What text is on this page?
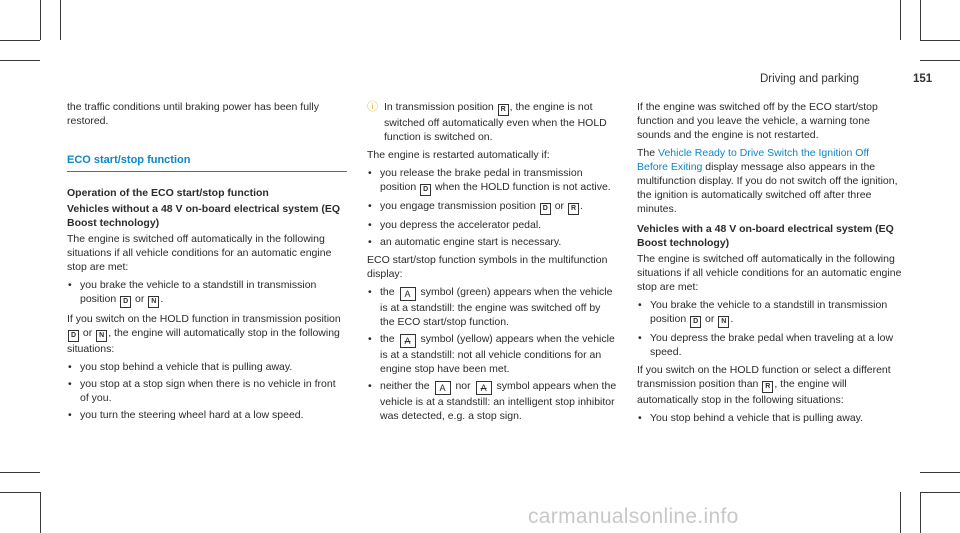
Driving and parking	151

the traffic conditions until braking power has been fully restored.

ECO start/stop function

Operation of the ECO start/stop function

Vehicles without a 48 V on-board electrical system (EQ Boost technology)

The engine is switched off automatically in the following situations if all vehicle conditions for an automatic engine stop are met:

• you brake the vehicle to a standstill in transmission position D or N .

If you switch on the HOLD function in transmission position D or N , the engine will automatically stop in the following situations:

• you stop behind a vehicle that is pulling away.
• you stop at a stop sign when there is no vehicle in front of you.
• you turn the steering wheel hard at a low speed.

ⓘ In transmission position R , the engine is not switched off automatically even when the HOLD function is switched on.

The engine is restarted automatically if:

• you release the brake pedal in transmission position D when the HOLD function is not active.
• you engage transmission position D or R .
• you depress the accelerator pedal.
• an automatic engine start is necessary.

ECO start/stop function symbols in the multifunction display:

• the A symbol (green) appears when the vehicle is at a standstill: the engine was switched off by the ECO start/stop function.
• the A symbol (yellow) appears when the vehicle is at a standstill: not all vehicle conditions for an engine stop have been met.
• neither the A nor A symbol appears when the vehicle is at a standstill: an intelligent stop inhibitor was detected, e.g. a stop sign.

If the engine was switched off by the ECO start/stop function and you leave the vehicle, a warning tone sounds and the engine is not restarted.

The Vehicle Ready to Drive Switch the Ignition Off Before Exiting display message also appears in the multifunction display. If you do not switch off the ignition, the ignition is automatically switched off after three minutes.

Vehicles with a 48 V on-board electrical system (EQ Boost technology)

The engine is switched off automatically in the following situations if all vehicle conditions for an automatic engine stop are met:

• You brake the vehicle to a standstill in transmission position D or N .
• You depress the brake pedal when traveling at a low speed.

If you switch on the HOLD function or select a different transmission position than R , the engine will automatically stop in the following situations:

• You stop behind a vehicle that is pulling away.
carmanualsonline.info
